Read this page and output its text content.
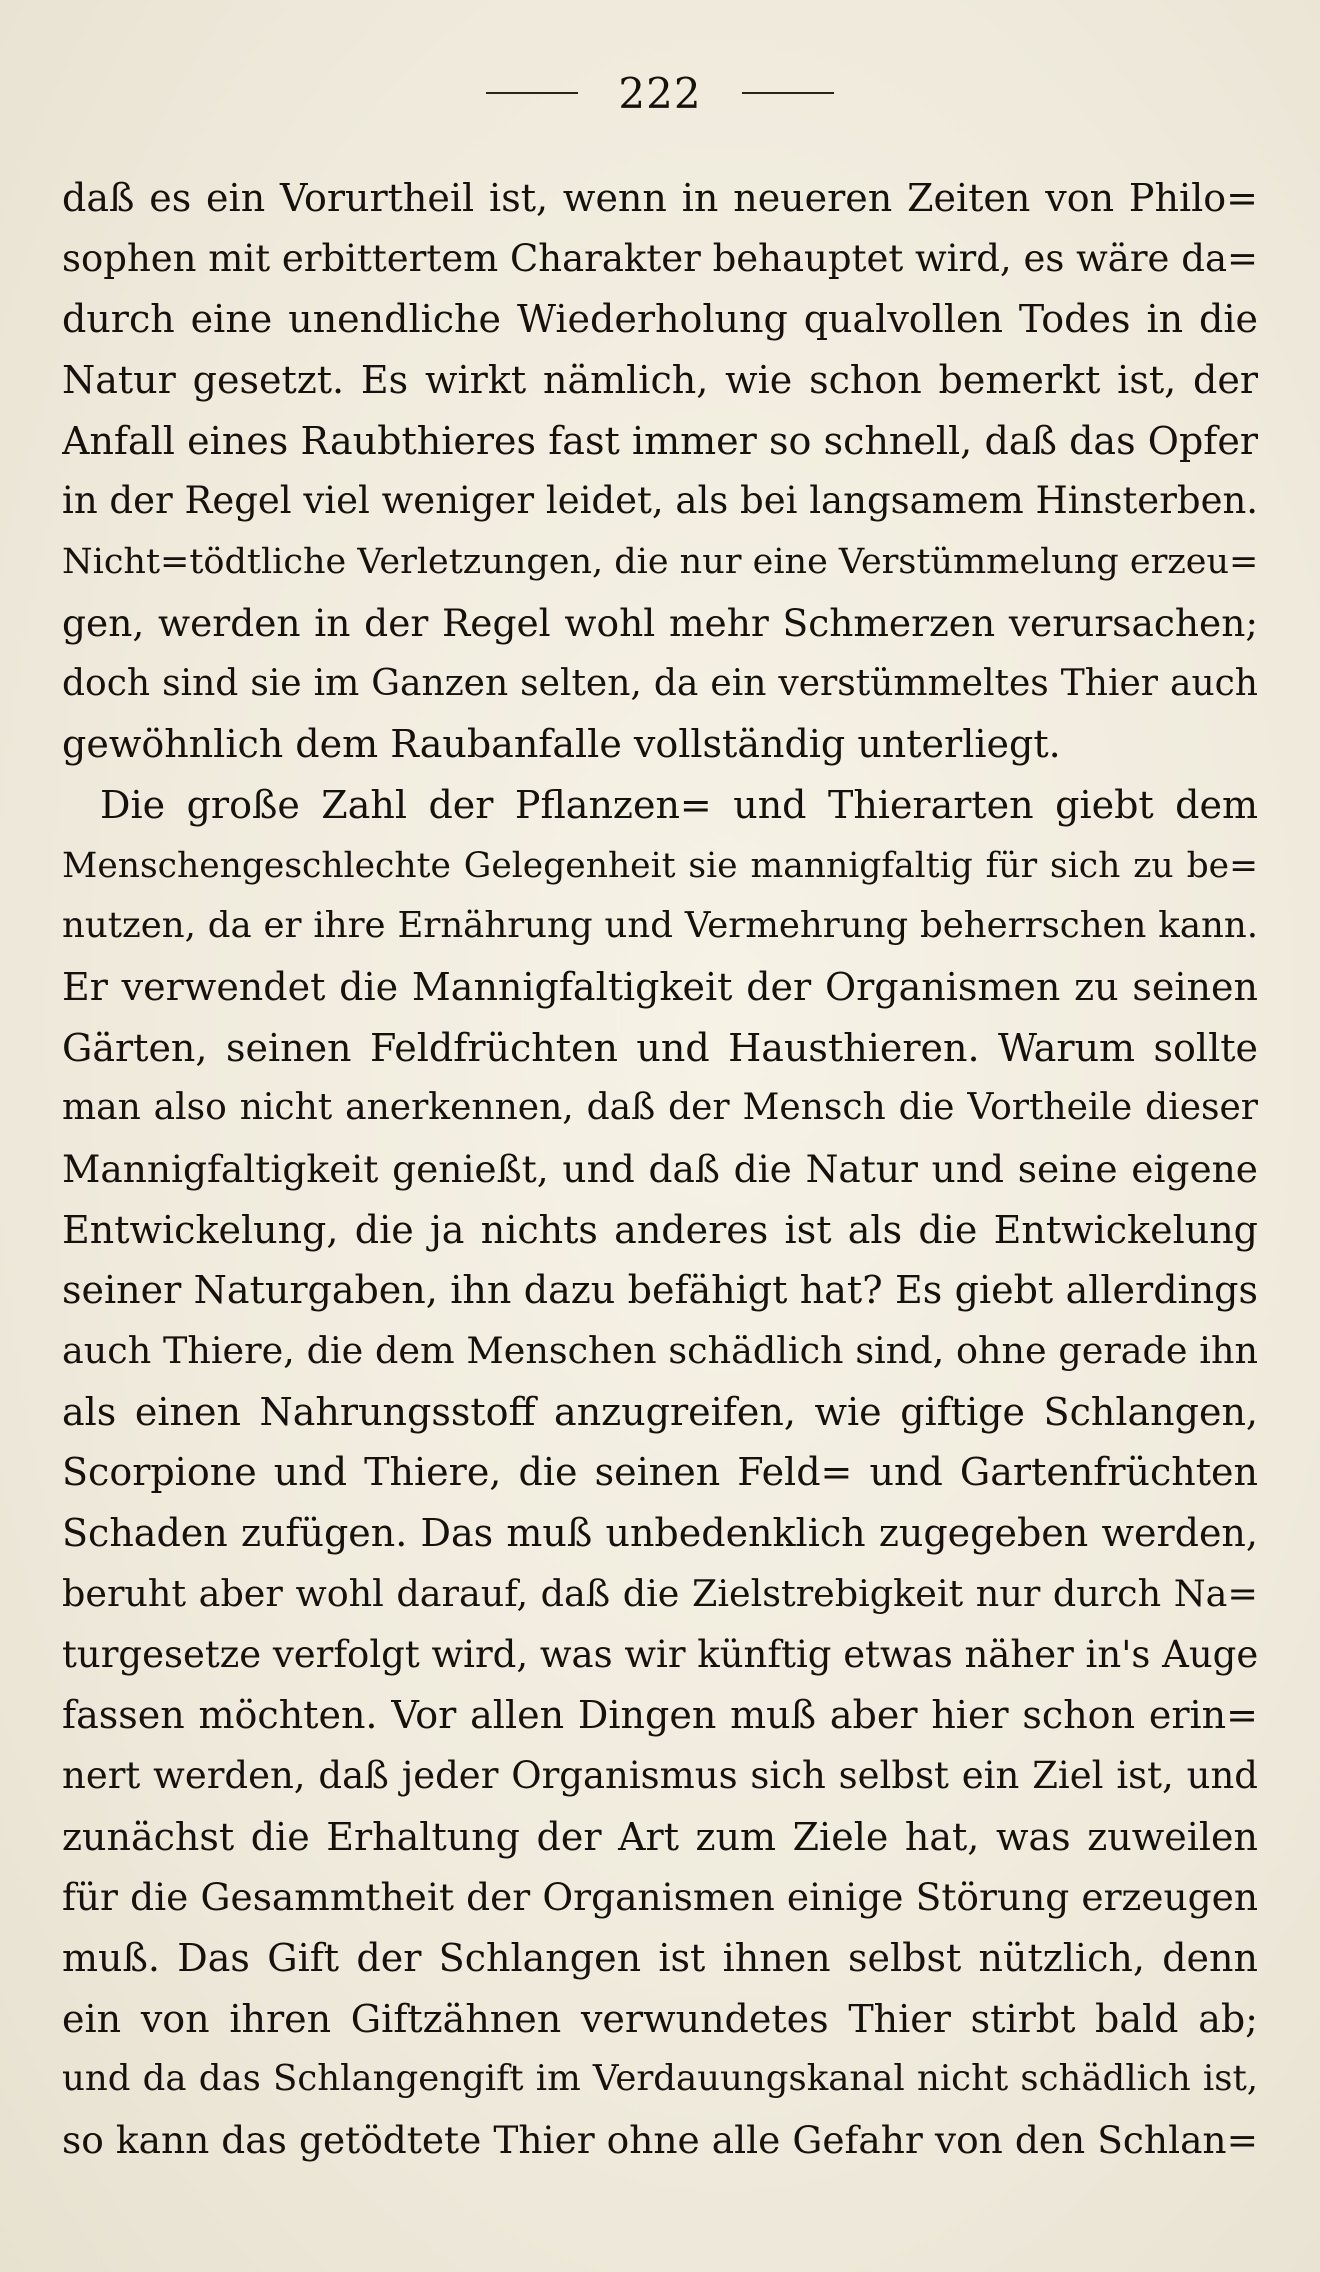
222
daß es ein Vorurtheil ist, wenn in neueren Zeiten von Philo=
sophen mit erbittertem Charakter behauptet wird, es wäre da=
durch eine unendliche Wiederholung qualvollen Todes in die
Natur gesetzt. Es wirkt nämlich, wie schon bemerkt ist, der
Anfall eines Raubthieres fast immer so schnell, daß das Opfer
in der Regel viel weniger leidet, als bei langsamem Hinsterben.
Nicht=tödtliche Verletzungen, die nur eine Verstümmelung erzeu=
gen, werden in der Regel wohl mehr Schmerzen verursachen;
doch sind sie im Ganzen selten, da ein verstümmeltes Thier auch
gewöhnlich dem Raubanfalle vollständig unterliegt.
Die große Zahl der Pflanzen= und Thierarten giebt dem
Menschengeschlechte Gelegenheit sie mannigfaltig für sich zu be=
nutzen, da er ihre Ernährung und Vermehrung beherrschen kann.
Er verwendet die Mannigfaltigkeit der Organismen zu seinen
Gärten, seinen Feldfrüchten und Hausthieren. Warum sollte
man also nicht anerkennen, daß der Mensch die Vortheile dieser
Mannigfaltigkeit genießt, und daß die Natur und seine eigene
Entwickelung, die ja nichts anderes ist als die Entwickelung
seiner Naturgaben, ihn dazu befähigt hat? Es giebt allerdings
auch Thiere, die dem Menschen schädlich sind, ohne gerade ihn
als einen Nahrungsstoff anzugreifen, wie giftige Schlangen,
Scorpione und Thiere, die seinen Feld= und Gartenfrüchten
Schaden zufügen. Das muß unbedenklich zugegeben werden,
beruht aber wohl darauf, daß die Zielstrebigkeit nur durch Na=
turgesetze verfolgt wird, was wir künftig etwas näher in's Auge
fassen möchten. Vor allen Dingen muß aber hier schon erin=
nert werden, daß jeder Organismus sich selbst ein Ziel ist, und
zunächst die Erhaltung der Art zum Ziele hat, was zuweilen
für die Gesammtheit der Organismen einige Störung erzeugen
muß. Das Gift der Schlangen ist ihnen selbst nützlich, denn
ein von ihren Giftzähnen verwundetes Thier stirbt bald ab;
und da das Schlangengift im Verdauungskanal nicht schädlich ist,
so kann das getödtete Thier ohne alle Gefahr von den Schlan=
